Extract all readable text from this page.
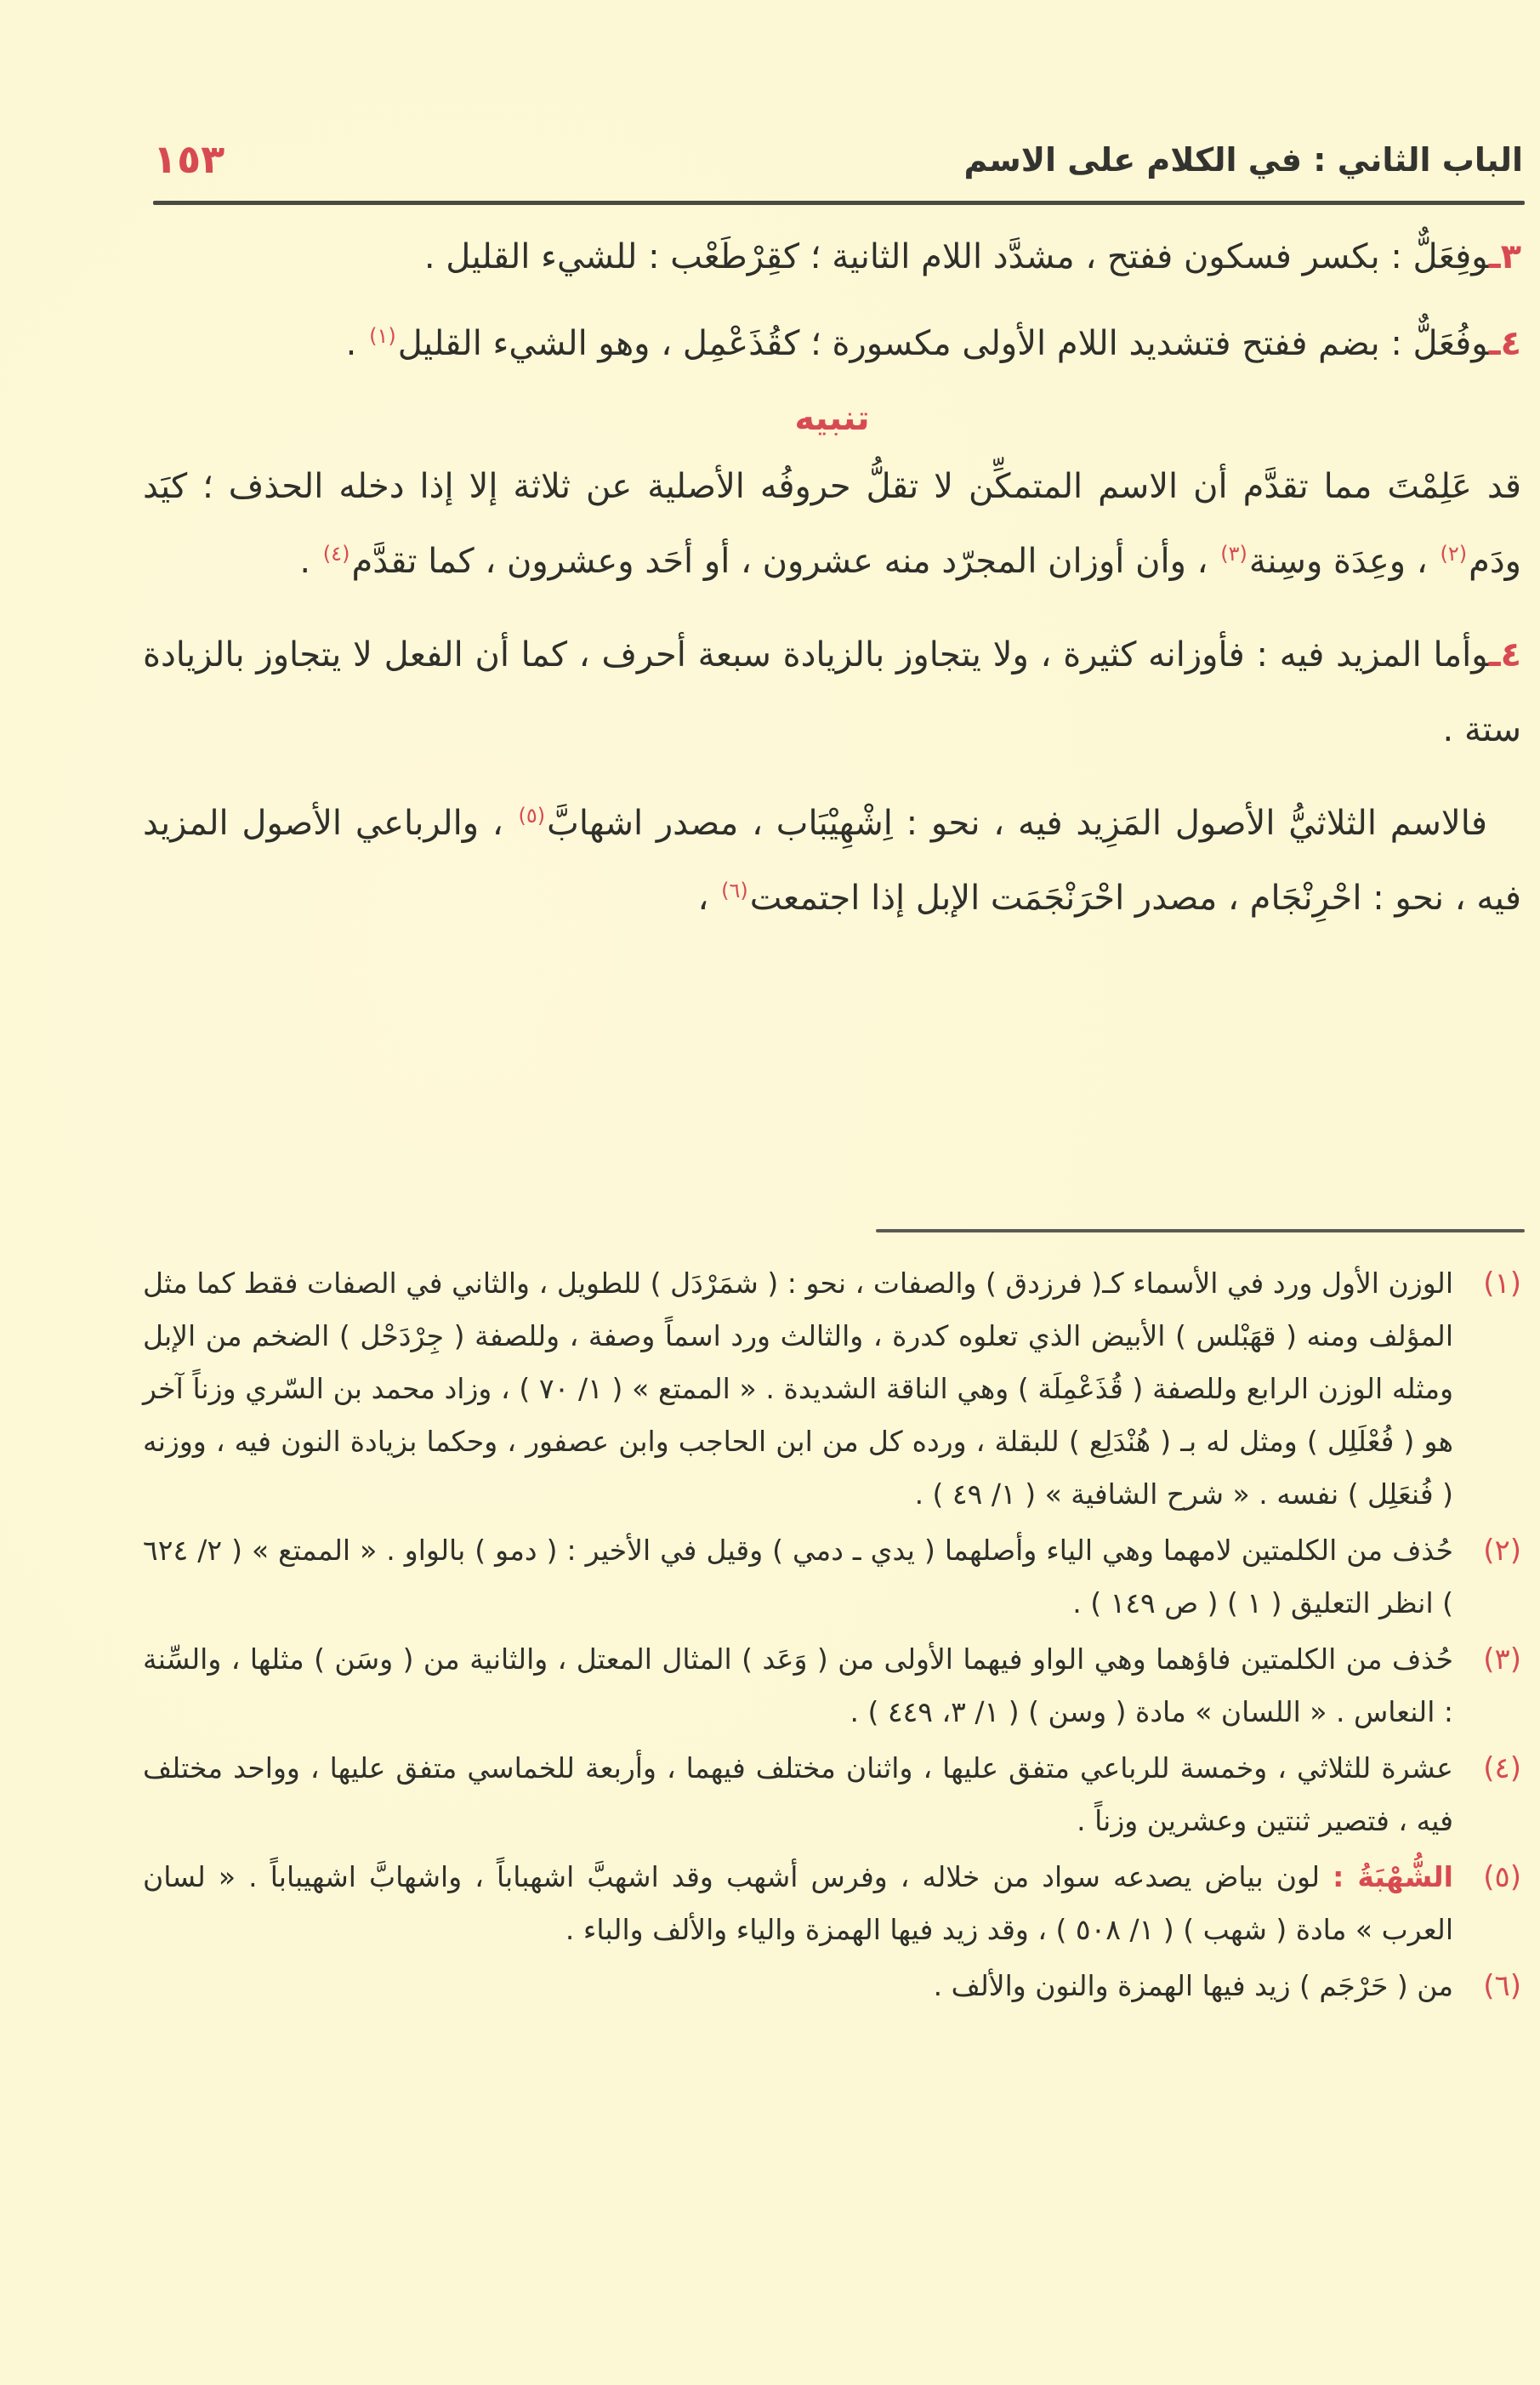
الباب الثاني : في الكلام على الاسم
١٥٣

٣ـوفِعَلٌّ : بكسر فسكون ففتح ، مشدَّد اللام الثانية ؛ كقِرْطَعْب : للشيء القليل .

٤ـوفُعَلٌّ : بضم ففتح فتشديد اللام الأولى مكسورة ؛ كقُذَعْمِل ، وهو الشيء القليل$^{(١)}$ .

تنبيه

قد عَلِمْتَ مما تقدَّم أن الاسم المتمكِّن لا تقلُّ حروفُه الأصلية عن ثلاثة إلا إذا دخله الحذف ؛ كيَد ودَم$^{(٢)}$ ، وعِدَة وسِنة$^{(٣)}$ ، وأن أوزان المجرّد منه عشرون ، أو أحَد وعشرون ، كما تقدَّم$^{(٤)}$ .

٤ـوأما المزيد فيه : فأوزانه كثيرة ، ولا يتجاوز بالزيادة سبعة أحرف ، كما أن الفعل لا يتجاوز بالزيادة ستة .

فالاسم الثلاثيُّ الأصول المَزِيد فيه ، نحو : اِشْهِيْبَاب ، مصدر اشهابَّ$^{(٥)}$ ، والرباعي الأصول المزيد فيه ، نحو : احْرِنْجَام ، مصدر احْرَنْجَمَت الإبل إذا اجتمعت$^{(٦)}$ ،

(١)
الوزن الأول ورد في الأسماء كـ( فرزدق ) والصفات ، نحو : ( شمَرْدَل ) للطويل ، والثاني في الصفات فقط كما مثل المؤلف ومنه ( قهَبْلس ) الأبيض الذي تعلوه كدرة ، والثالث ورد اسماً وصفة ، وللصفة ( جِرْدَحْل ) الضخم من الإبل ومثله الوزن الرابع وللصفة ( قُذَعْمِلَة ) وهي الناقة الشديدة . « الممتع » ( ١/ ٧٠ ) ، وزاد محمد بن السّري وزناً آخر هو ( فُعْلَلِل ) ومثل له بـ ( هُنْدَلِع ) للبقلة ، ورده كل من ابن الحاجب وابن عصفور ، وحكما بزيادة النون فيه ، ووزنه ( فُنعَلِل ) نفسه . « شرح الشافية » ( ١/ ٤٩ ) .
(٢)
حُذف من الكلمتين لامهما وهي الياء وأصلهما ( يدي ـ دمي ) وقيل في الأخير : ( دمو ) بالواو . « الممتع » ( ٢/ ٦٢٤ ) انظر التعليق ( ١ ) ( ص ١٤٩ ) .
(٣)
حُذف من الكلمتين فاؤهما وهي الواو فيهما الأولى من ( وَعَد ) المثال المعتل ، والثانية من ( وسَن ) مثلها ، والسِّنة : النعاس . « اللسان » مادة ( وسن ) ( ١/ ٣، ٤٤٩ ) .
(٤)
عشرة للثلاثي ، وخمسة للرباعي متفق عليها ، واثنان مختلف فيهما ، وأربعة للخماسي متفق عليها ، وواحد مختلف فيه ، فتصير ثنتين وعشرين وزناً .
(٥)
الشُّهْبَةُ : لون بياض يصدعه سواد من خلاله ، وفرس أشهب وقد اشهبَّ اشهباباً ، واشهابَّ اشهيباباً . « لسان العرب » مادة ( شهب ) ( ١/ ٥٠٨ ) ، وقد زيد فيها الهمزة والياء والألف والباء .
(٦)
من ( حَرْجَم ) زيد فيها الهمزة والنون والألف .
